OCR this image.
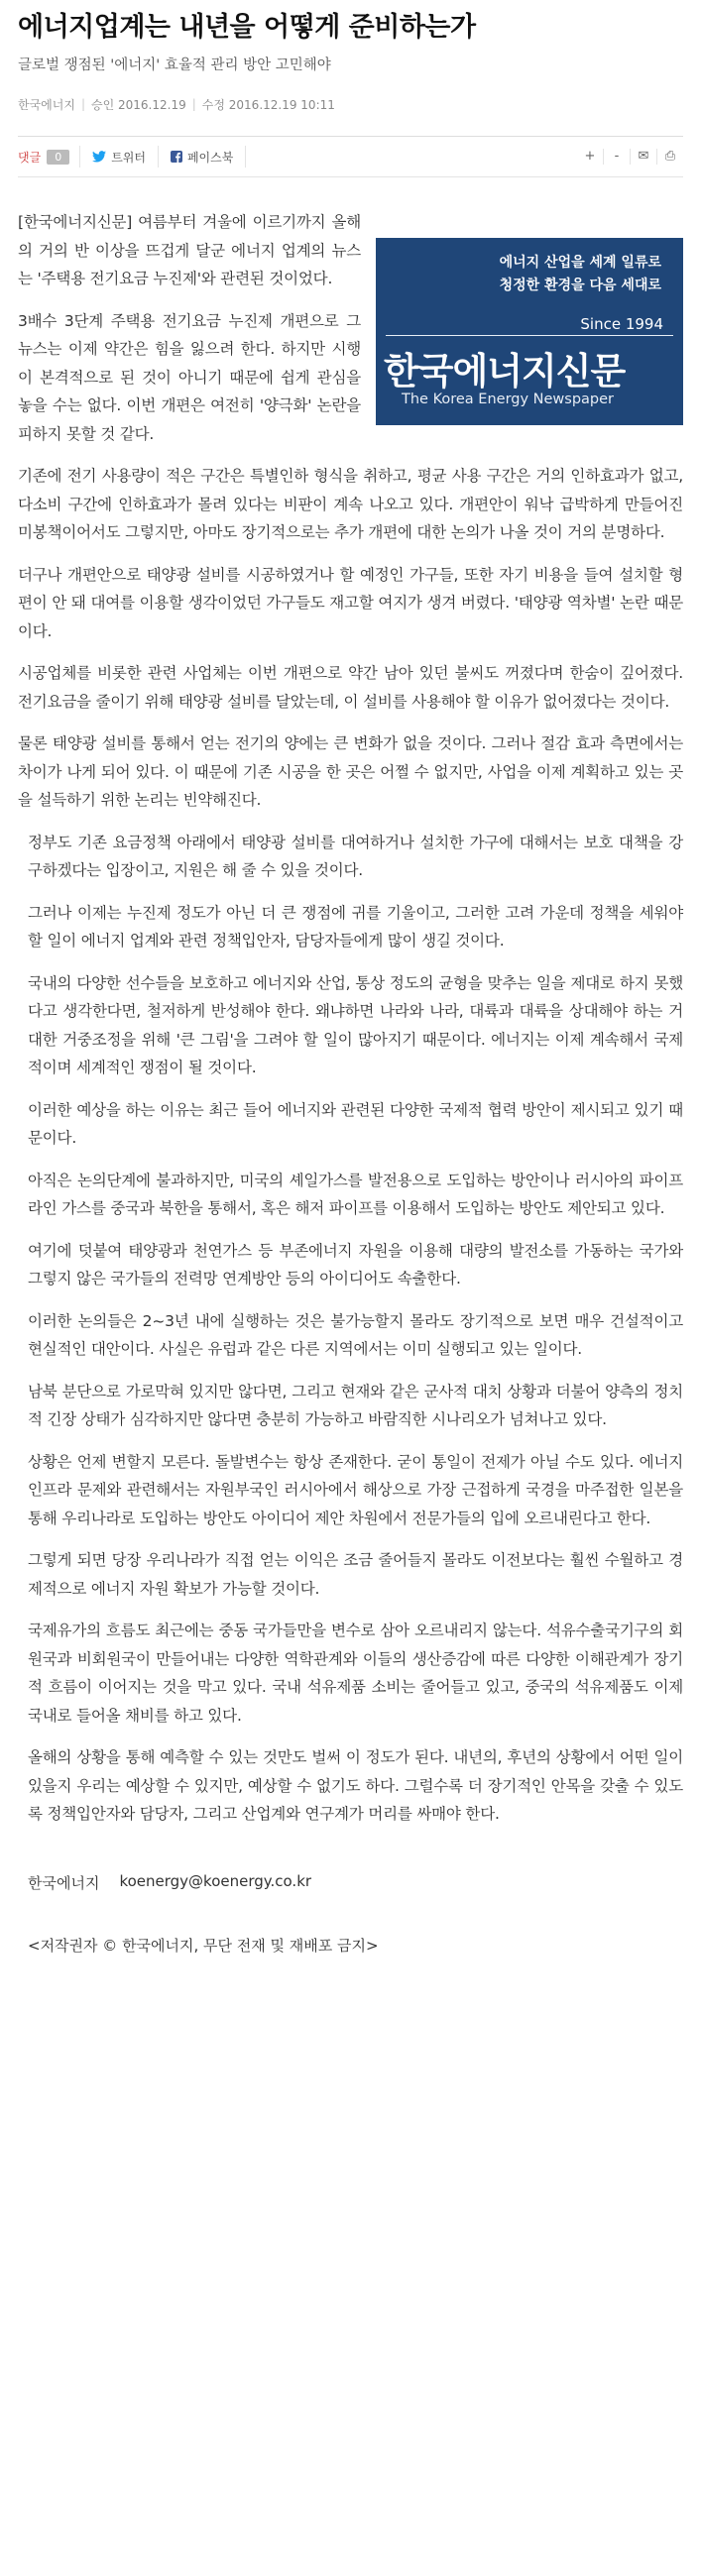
에너지업계는 내년을 어떻게 준비하는가
글로벌 쟁점된 '에너지' 효율적 관리 방안 고민해야
한국에너지 | 승인 2016.12.19 | 수정 2016.12.19 10:11
댓글	0	트위터	페이스북	+	-	✉	⎙
에너지 산업을 세계 일류로
청정한 환경을 다음 세대로
Since 1994
한국에너지신문
The Korea Energy Newspaper

[한국에너지신문] 여름부터 겨울에 이르기까지 올해의 거의 반 이상을 뜨겁게 달군 에너지 업계의 뉴스는 '주택용 전기요금 누진제'와 관련된 것이었다.

3배수 3단계 주택용 전기요금 누진제 개편으로 그 뉴스는 이제 약간은 힘을 잃으려 한다. 하지만 시행이 본격적으로 된 것이 아니기 때문에 쉽게 관심을 놓을 수는 없다. 이번 개편은 여전히 '양극화' 논란을 피하지 못할 것 같다.

기존에 전기 사용량이 적은 구간은 특별인하 형식을 취하고, 평균 사용 구간은 거의 인하효과가 없고, 다소비 구간에 인하효과가 몰려 있다는 비판이 계속 나오고 있다. 개편안이 워낙 급박하게 만들어진 미봉책이어서도 그렇지만, 아마도 장기적으로는 추가 개편에 대한 논의가 나올 것이 거의 분명하다.

더구나 개편안으로 태양광 설비를 시공하였거나 할 예정인 가구들, 또한 자기 비용을 들여 설치할 형편이 안 돼 대여를 이용할 생각이었던 가구들도 재고할 여지가 생겨 버렸다. '태양광 역차별' 논란 때문이다.

시공업체를 비롯한 관련 사업체는 이번 개편으로 약간 남아 있던 불씨도 꺼졌다며 한숨이 깊어졌다. 전기요금을 줄이기 위해 태양광 설비를 달았는데, 이 설비를 사용해야 할 이유가 없어졌다는 것이다.

물론 태양광 설비를 통해서 얻는 전기의 양에는 큰 변화가 없을 것이다. 그러나 절감 효과 측면에서는 차이가 나게 되어 있다. 이 때문에 기존 시공을 한 곳은 어쩔 수 없지만, 사업을 이제 계획하고 있는 곳을 설득하기 위한 논리는 빈약해진다.

정부도 기존 요금정책 아래에서 태양광 설비를 대여하거나 설치한 가구에 대해서는 보호 대책을 강구하겠다는 입장이고, 지원은 해 줄 수 있을 것이다.

그러나 이제는 누진제 정도가 아닌 더 큰 쟁점에 귀를 기울이고, 그러한 고려 가운데 정책을 세워야 할 일이 에너지 업계와 관련 정책입안자, 담당자들에게 많이 생길 것이다.

국내의 다양한 선수들을 보호하고 에너지와 산업, 통상 정도의 균형을 맞추는 일을 제대로 하지 못했다고 생각한다면, 철저하게 반성해야 한다. 왜냐하면 나라와 나라, 대륙과 대륙을 상대해야 하는 거대한 거중조정을 위해 '큰 그림'을 그려야 할 일이 많아지기 때문이다. 에너지는 이제 계속해서 국제적이며 세계적인 쟁점이 될 것이다.

이러한 예상을 하는 이유는 최근 들어 에너지와 관련된 다양한 국제적 협력 방안이 제시되고 있기 때문이다.

아직은 논의단계에 불과하지만, 미국의 셰일가스를 발전용으로 도입하는 방안이나 러시아의 파이프라인 가스를 중국과 북한을 통해서, 혹은 해저 파이프를 이용해서 도입하는 방안도 제안되고 있다.

여기에 덧붙여 태양광과 천연가스 등 부존에너지 자원을 이용해 대량의 발전소를 가동하는 국가와 그렇지 않은 국가들의 전력망 연계방안 등의 아이디어도 속출한다.

이러한 논의들은 2~3년 내에 실행하는 것은 불가능할지 몰라도 장기적으로 보면 매우 건설적이고 현실적인 대안이다. 사실은 유럽과 같은 다른 지역에서는 이미 실행되고 있는 일이다.

남북 분단으로 가로막혀 있지만 않다면, 그리고 현재와 같은 군사적 대치 상황과 더불어 양측의 정치적 긴장 상태가 심각하지만 않다면 충분히 가능하고 바람직한 시나리오가 넘쳐나고 있다.

상황은 언제 변할지 모른다. 돌발변수는 항상 존재한다. 굳이 통일이 전제가 아닐 수도 있다. 에너지인프라 문제와 관련해서는 자원부국인 러시아에서 해상으로 가장 근접하게 국경을 마주접한 일본을 통해 우리나라로 도입하는 방안도 아이디어 제안 차원에서 전문가들의 입에 오르내린다고 한다.

그렇게 되면 당장 우리나라가 직접 얻는 이익은 조금 줄어들지 몰라도 이전보다는 훨씬 수월하고 경제적으로 에너지 자원 확보가 가능할 것이다.

국제유가의 흐름도 최근에는 중동 국가들만을 변수로 삼아 오르내리지 않는다. 석유수출국기구의 회원국과 비회원국이 만들어내는 다양한 역학관계와 이들의 생산증감에 따른 다양한 이해관계가 장기적 흐름이 이어지는 것을 막고 있다. 국내 석유제품 소비는 줄어들고 있고, 중국의 석유제품도 이제 국내로 들어올 채비를 하고 있다.

올해의 상황을 통해 예측할 수 있는 것만도 벌써 이 정도가 된다. 내년의, 후년의 상황에서 어떤 일이 있을지 우리는 예상할 수 있지만, 예상할 수 없기도 하다. 그럴수록 더 장기적인 안목을 갖출 수 있도록 정책입안자와 담당자, 그리고 산업계와 연구계가 머리를 싸매야 한다.

한국에너지 koenergy@koenergy.co.kr
<저작권자 © 한국에너지, 무단 전재 및 재배포 금지>
